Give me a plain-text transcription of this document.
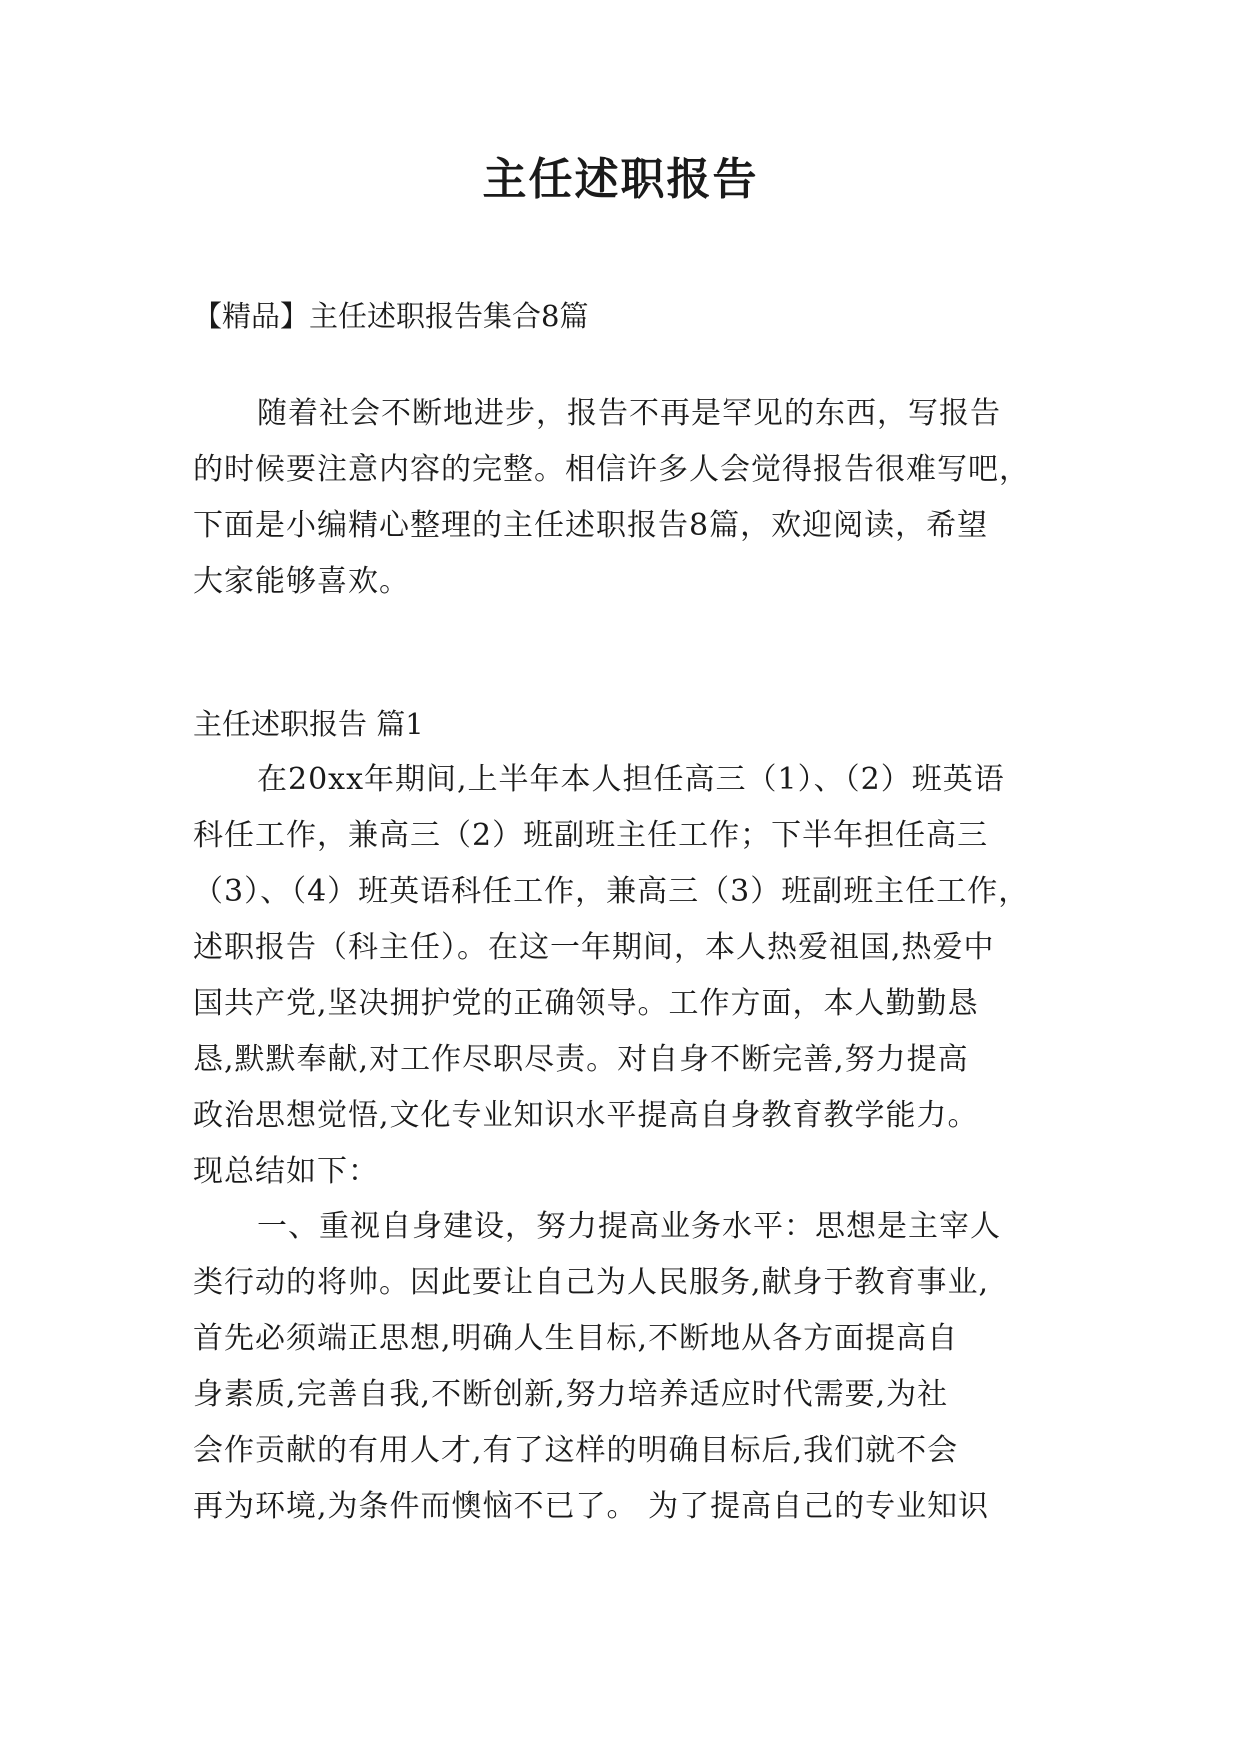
主任述职报告

【精品】主任述职报告集合8篇

随着社会不断地进步，报告不再是罕见的东西，写报告
的时候要注意内容的完整。相信许多人会觉得报告很难写吧，
下面是小编精心整理的主任述职报告8篇，欢迎阅读，希望
大家能够喜欢。

主任述职报告 篇1

在20xx年期间,上半年本人担任高三（1）、（2）班英语
科任工作，兼高三（2）班副班主任工作；下半年担任高三
（3）、（4）班英语科任工作，兼高三（3）班副班主任工作，
述职报告（科主任）。在这一年期间，本人热爱祖国,热爱中
国共产党,坚决拥护党的正确领导。工作方面，本人勤勤恳
恳,默默奉献,对工作尽职尽责。对自身不断完善,努力提高
政治思想觉悟,文化专业知识水平提高自身教育教学能力。
现总结如下：
一、重视自身建设，努力提高业务水平：思想是主宰人
类行动的将帅。因此要让自己为人民服务,献身于教育事业,
首先必须端正思想,明确人生目标,不断地从各方面提高自
身素质,完善自我,不断创新,努力培养适应时代需要,为社
会作贡献的有用人才,有了这样的明确目标后,我们就不会
再为环境,为条件而懊恼不已了。 为了提高自己的专业知识
